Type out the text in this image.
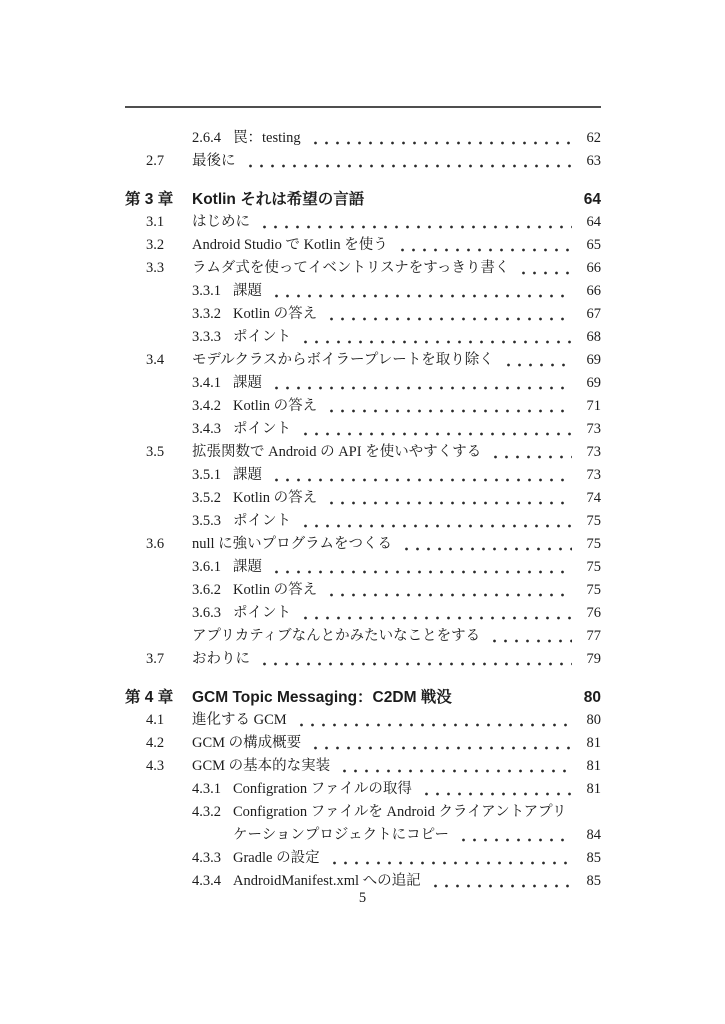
2.6.4 罠：testing	62
2.7	最後に	63
第 3 章	Kotlin それは希望の言語	64
3.1	はじめに	64
3.2	Android Studio で Kotlin を使う	65
3.3	ラムダ式を使ってイベントリスナをすっきり書く	66
3.3.1 課題	66
3.3.2 Kotlin の答え	67
3.3.3 ポイント	68
3.4	モデルクラスからボイラープレートを取り除く	69
3.4.1 課題	69
3.4.2 Kotlin の答え	71
3.4.3 ポイント	73
3.5	拡張関数で Android の API を使いやすくする	73
3.5.1 課題	73
3.5.2 Kotlin の答え	74
3.5.3 ポイント	75
3.6	null に強いプログラムをつくる	75
3.6.1 課題	75
3.6.2 Kotlin の答え	75
3.6.3 ポイント	76
アプリカティブなんとかみたいなことをする	77
3.7	おわりに	79
第 4 章	GCM Topic Messaging：C2DM 戦没	80
4.1	進化する GCM	80
4.2	GCM の構成概要	81
4.3	GCM の基本的な実装	81
4.3.1 Configration ファイルの取得	81
4.3.2 Configration ファイルを Android クライアントアプリ
ケーションプロジェクトにコピー	84
4.3.3 Gradle の設定	85
4.3.4 AndroidManifest.xml への追記	85
5
